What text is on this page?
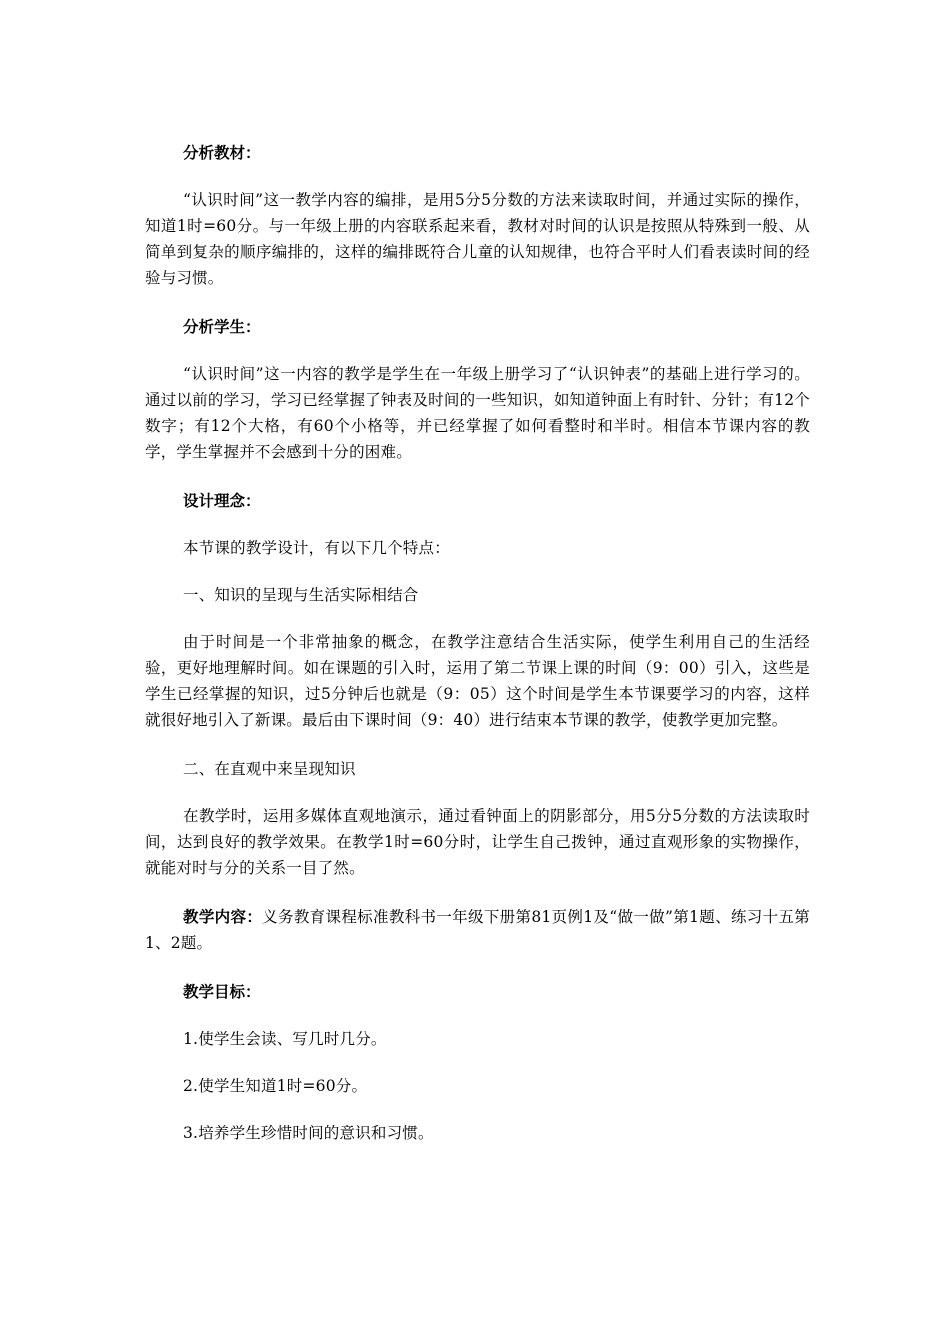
分析教材：

“认识时间”这一教学内容的编排，是用5分5分数的方法来读取时间，并通过实际的操作，知道1时=60分。与一年级上册的内容联系起来看，教材对时间的认识是按照从特殊到一般、从简单到复杂的顺序编排的，这样的编排既符合儿童的认知规律，也符合平时人们看表读时间的经验与习惯。

分析学生：

“认识时间”这一内容的教学是学生在一年级上册学习了“认识钟表”的基础上进行学习的。通过以前的学习，学习已经掌握了钟表及时间的一些知识，如知道钟面上有时针、分针；有12个数字；有12个大格，有60个小格等，并已经掌握了如何看整时和半时。相信本节课内容的教学，学生掌握并不会感到十分的困难。

设计理念：

本节课的教学设计，有以下几个特点：

一、知识的呈现与生活实际相结合

由于时间是一个非常抽象的概念，在教学注意结合生活实际，使学生利用自己的生活经验，更好地理解时间。如在课题的引入时，运用了第二节课上课的时间（9：00）引入，这些是学生已经掌握的知识，过5分钟后也就是（9：05）这个时间是学生本节课要学习的内容，这样就很好地引入了新课。最后由下课时间（9：40）进行结束本节课的教学，使教学更加完整。

二、在直观中来呈现知识

在教学时，运用多媒体直观地演示，通过看钟面上的阴影部分，用5分5分数的方法读取时间，达到良好的教学效果。在教学1时=60分时，让学生自己拨钟，通过直观形象的实物操作，就能对时与分的关系一目了然。

教学内容：义务教育课程标准教科书一年级下册第81页例1及“做一做”第1题、练习十五第1、2题。

教学目标：

1.使学生会读、写几时几分。

2.使学生知道1时=60分。

3.培养学生珍惜时间的意识和习惯。
